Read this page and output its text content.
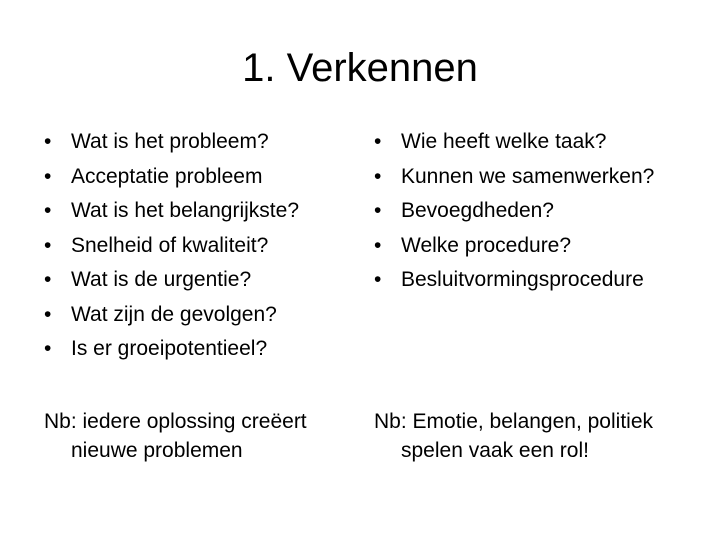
1. Verkennen
• Wat is het probleem?
• Acceptatie probleem
• Wat is het belangrijkste?
• Snelheid of kwaliteit?
• Wat is de urgentie?
• Wat zijn de gevolgen?
• Is er groeipotentieel?
• Wie heeft welke taak?
• Kunnen we samenwerken?
• Bevoegdheden?
• Welke procedure?
• Besluitvormingsprocedure
Nb: iedere oplossing creëert
nieuwe problemen
Nb: Emotie, belangen, politiek
spelen vaak een rol!
